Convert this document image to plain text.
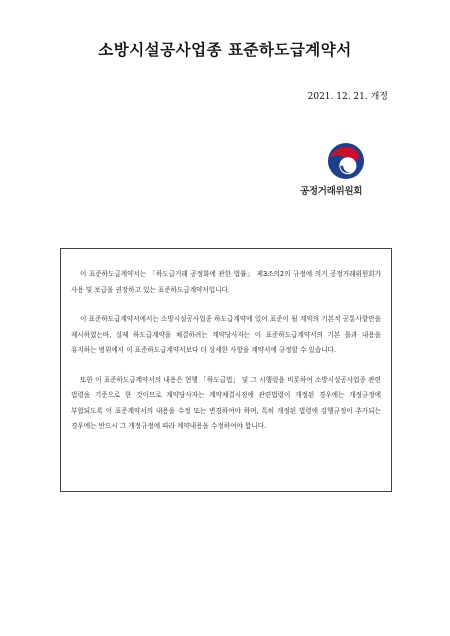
소방시설공사업종 표준하도급계약서
2021. 12. 21. 개정
공정거래위원회

이 표준하도급계약서는 「하도급거래 공정화에 관한 법률」 제3조의2의 규정에 의거 공정거래위원회가 사용 및 보급을 권장하고 있는 표준하도급계약서입니다.

이 표준하도급계약서에서는 소방시설공사업종 하도급계약에 있어 표준이 될 계약의 기본적 공통사항만을 제시하였는바, 실제 하도급계약을 체결하려는 계약당사자는 이 표준하도급계약서의 기본 틀과 내용을 유지하는 범위에서 이 표준하도급계약서보다 더 상세한 사항을 계약서에 규정할 수 있습니다.

또한 이 표준하도급계약서의 내용은 현행 「하도급법」 및 그 시행령을 비롯하여 소방시설공사업종 관련 법령을 기준으로 한 것이므로 계약당사자는 계약체결시점에 관련법령이 개정된 경우에는 개정규정에 부합되도록 이 표준계약서의 내용을 수정 또는 변경하여야 하며, 특히 개정된 법령에 강행규정이 추가되는 경우에는 반드시 그 개정규정에 따라 계약내용을 수정하여야 합니다.
